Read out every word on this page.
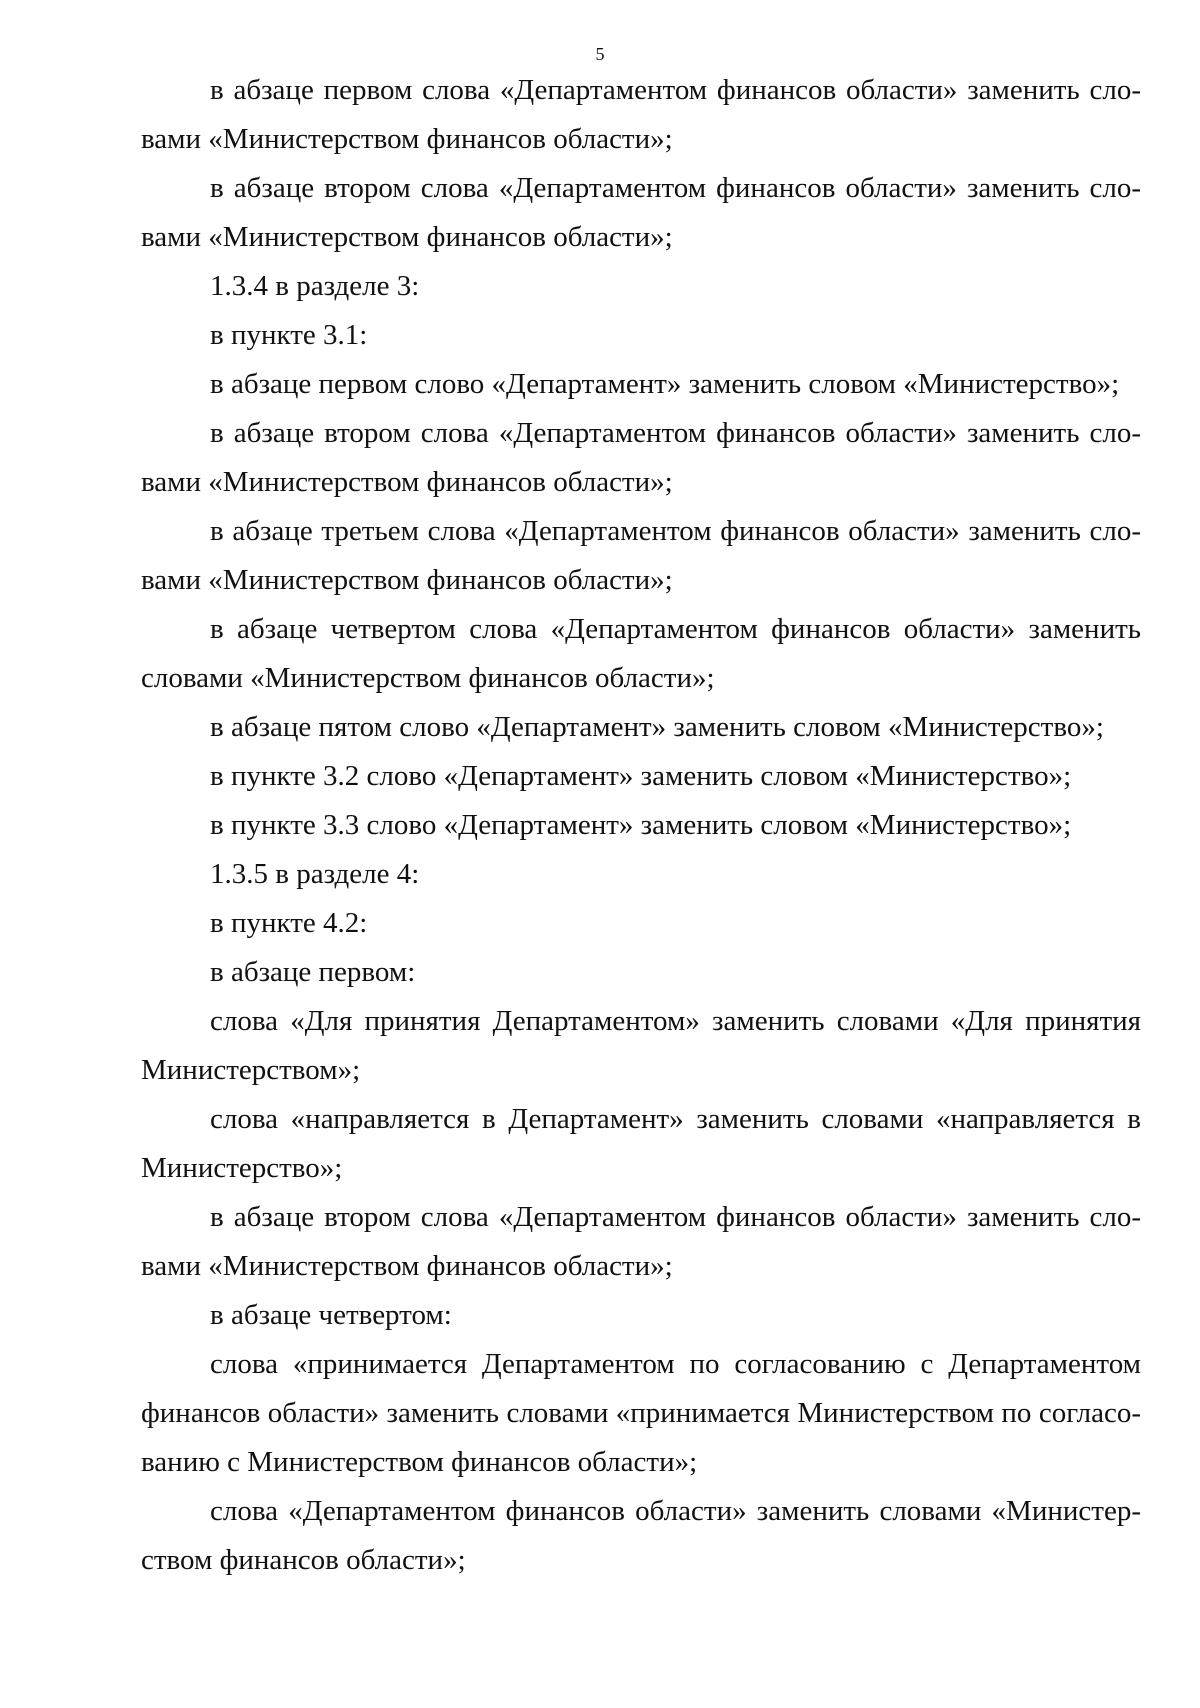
5

в абзаце первом слова «Департаментом финансов области» заменить словами «Министерством финансов области»;

в абзаце втором слова «Департаментом финансов области» заменить словами «Министерством финансов области»;

1.3.4 в разделе 3:

в пункте 3.1:

в абзаце первом слово «Департамент» заменить словом «Министерство»;

в абзаце втором слова «Департаментом финансов области» заменить словами «Министерством финансов области»;

в абзаце третьем слова «Департаментом финансов области» заменить словами «Министерством финансов области»;

в абзаце четвертом слова «Департаментом финансов области» заменить словами «Министерством финансов области»;

в абзаце пятом слово «Департамент» заменить словом «Министерство»;

в пункте 3.2 слово «Департамент» заменить словом «Министерство»;

в пункте 3.3 слово «Департамент» заменить словом «Министерство»;

1.3.5 в разделе 4:

в пункте 4.2:

в абзаце первом:

слова «Для принятия Департаментом» заменить словами «Для принятия Министерством»;

слова «направляется в Департамент» заменить словами «направляется в Министерство»;

в абзаце втором слова «Департаментом финансов области» заменить словами «Министерством финансов области»;

в абзаце четвертом:

слова «принимается Департаментом по согласованию с Департаментом финансов области» заменить словами «принимается Министерством по согласованию с Министерством финансов области»;

слова «Департаментом финансов области» заменить словами «Министерством финансов области»;
